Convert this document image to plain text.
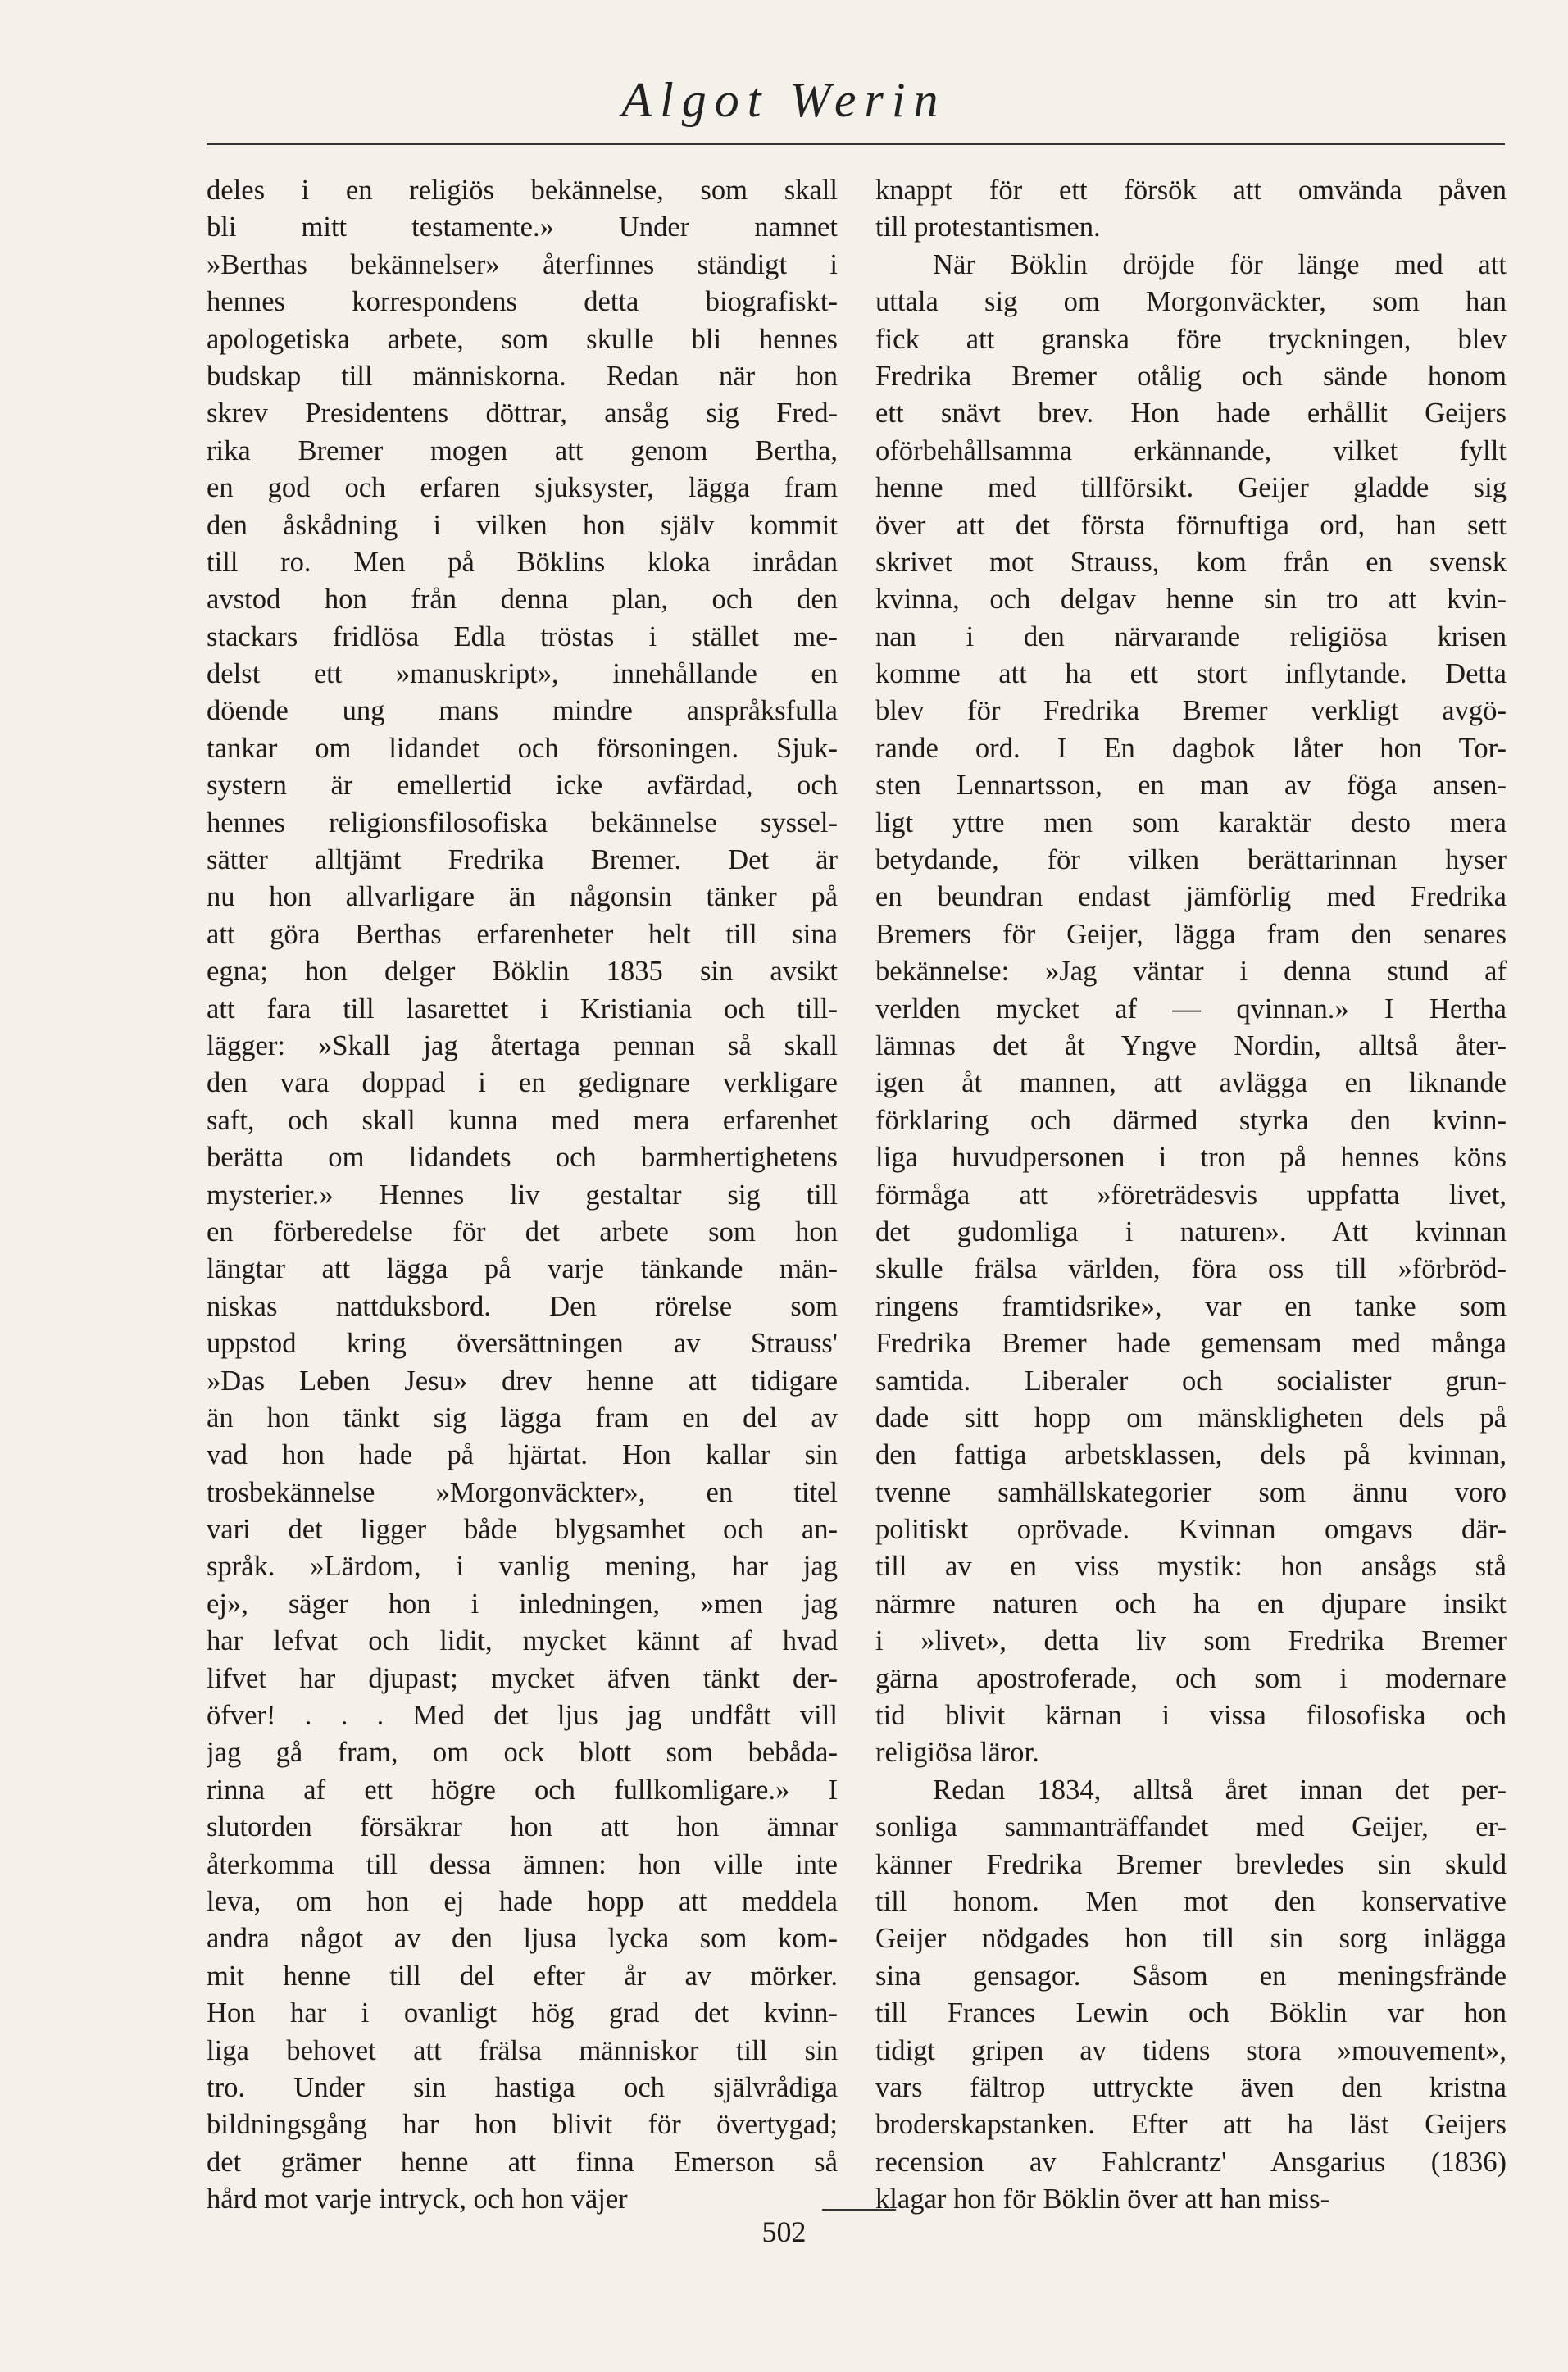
Algot Werin
deles i en religiös bekännelse, som skall
bli mitt testamente.» Under namnet
»Berthas bekännelser» återfinnes ständigt i
hennes korrespondens detta biografiskt-
apologetiska arbete, som skulle bli hennes
budskap till människorna. Redan när hon
skrev Presidentens döttrar, ansåg sig Fred-
rika Bremer mogen att genom Bertha,
en god och erfaren sjuksyster, lägga fram
den åskådning i vilken hon själv kommit
till ro. Men på Böklins kloka inrådan
avstod hon från denna plan, och den
stackars fridlösa Edla tröstas i stället me-
delst ett »manuskript», innehållande en
döende ung mans mindre anspråksfulla
tankar om lidandet och försoningen. Sjuk-
systern är emellertid icke avfärdad, och
hennes religionsfilosofiska bekännelse syssel-
sätter alltjämt Fredrika Bremer. Det är
nu hon allvarligare än någonsin tänker på
att göra Berthas erfarenheter helt till sina
egna; hon delger Böklin 1835 sin avsikt
att fara till lasarettet i Kristiania och till-
lägger: »Skall jag återtaga pennan så skall
den vara doppad i en gedignare verkligare
saft, och skall kunna med mera erfarenhet
berätta om lidandets och barmhertighetens
mysterier.» Hennes liv gestaltar sig till
en förberedelse för det arbete som hon
längtar att lägga på varje tänkande män-
niskas nattduksbord. Den rörelse som
uppstod kring översättningen av Strauss'
»Das Leben Jesu» drev henne att tidigare
än hon tänkt sig lägga fram en del av
vad hon hade på hjärtat. Hon kallar sin
trosbekännelse »Morgonväckter», en titel
vari det ligger både blygsamhet och an-
språk. »Lärdom, i vanlig mening, har jag
ej», säger hon i inledningen, »men jag
har lefvat och lidit, mycket kännt af hvad
lifvet har djupast; mycket äfven tänkt der-
öfver! . . . Med det ljus jag undfått vill
jag gå fram, om ock blott som bebåda-
rinna af ett högre och fullkomligare.» I
slutorden försäkrar hon att hon ämnar
återkomma till dessa ämnen: hon ville inte
leva, om hon ej hade hopp att meddela
andra något av den ljusa lycka som kom-
mit henne till del efter år av mörker.
Hon har i ovanligt hög grad det kvinn-
liga behovet att frälsa människor till sin
tro. Under sin hastiga och självrådiga
bildningsgång har hon blivit för övertygad;
det grämer henne att finna Emerson så
hård mot varje intryck, och hon väjer
knappt för ett försök att omvända påven
till protestantismen.
När Böklin dröjde för länge med att
uttala sig om Morgonväckter, som han
fick att granska före tryckningen, blev
Fredrika Bremer otålig och sände honom
ett snävt brev. Hon hade erhållit Geijers
oförbehållsamma erkännande, vilket fyllt
henne med tillförsikt. Geijer gladde sig
över att det första förnuftiga ord, han sett
skrivet mot Strauss, kom från en svensk
kvinna, och delgav henne sin tro att kvin-
nan i den närvarande religiösa krisen
komme att ha ett stort inflytande. Detta
blev för Fredrika Bremer verkligt avgö-
rande ord. I En dagbok låter hon Tor-
sten Lennartsson, en man av föga ansen-
ligt yttre men som karaktär desto mera
betydande, för vilken berättarinnan hyser
en beundran endast jämförlig med Fredrika
Bremers för Geijer, lägga fram den senares
bekännelse: »Jag väntar i denna stund af
verlden mycket af — qvinnan.» I Hertha
lämnas det åt Yngve Nordin, alltså åter-
igen åt mannen, att avlägga en liknande
förklaring och därmed styrka den kvinn-
liga huvudpersonen i tron på hennes köns
förmåga att »företrädesvis uppfatta livet,
det gudomliga i naturen». Att kvinnan
skulle frälsa världen, föra oss till »förbröd-
ringens framtidsrike», var en tanke som
Fredrika Bremer hade gemensam med många
samtida. Liberaler och socialister grun-
dade sitt hopp om mänskligheten dels på
den fattiga arbetsklassen, dels på kvinnan,
tvenne samhällskategorier som ännu voro
politiskt oprövade. Kvinnan omgavs där-
till av en viss mystik: hon ansågs stå
närmre naturen och ha en djupare insikt
i »livet», detta liv som Fredrika Bremer
gärna apostroferade, och som i modernare
tid blivit kärnan i vissa filosofiska och
religiösa läror.
Redan 1834, alltså året innan det per-
sonliga sammanträffandet med Geijer, er-
känner Fredrika Bremer brevledes sin skuld
till honom. Men mot den konservative
Geijer nödgades hon till sin sorg inlägga
sina gensagor. Såsom en meningsfrände
till Frances Lewin och Böklin var hon
tidigt gripen av tidens stora »mouvement»,
vars fältrop uttryckte även den kristna
broderskapstanken. Efter att ha läst Geijers
recension av Fahlcrantz' Ansgarius (1836)
klagar hon för Böklin över att han miss-
502
